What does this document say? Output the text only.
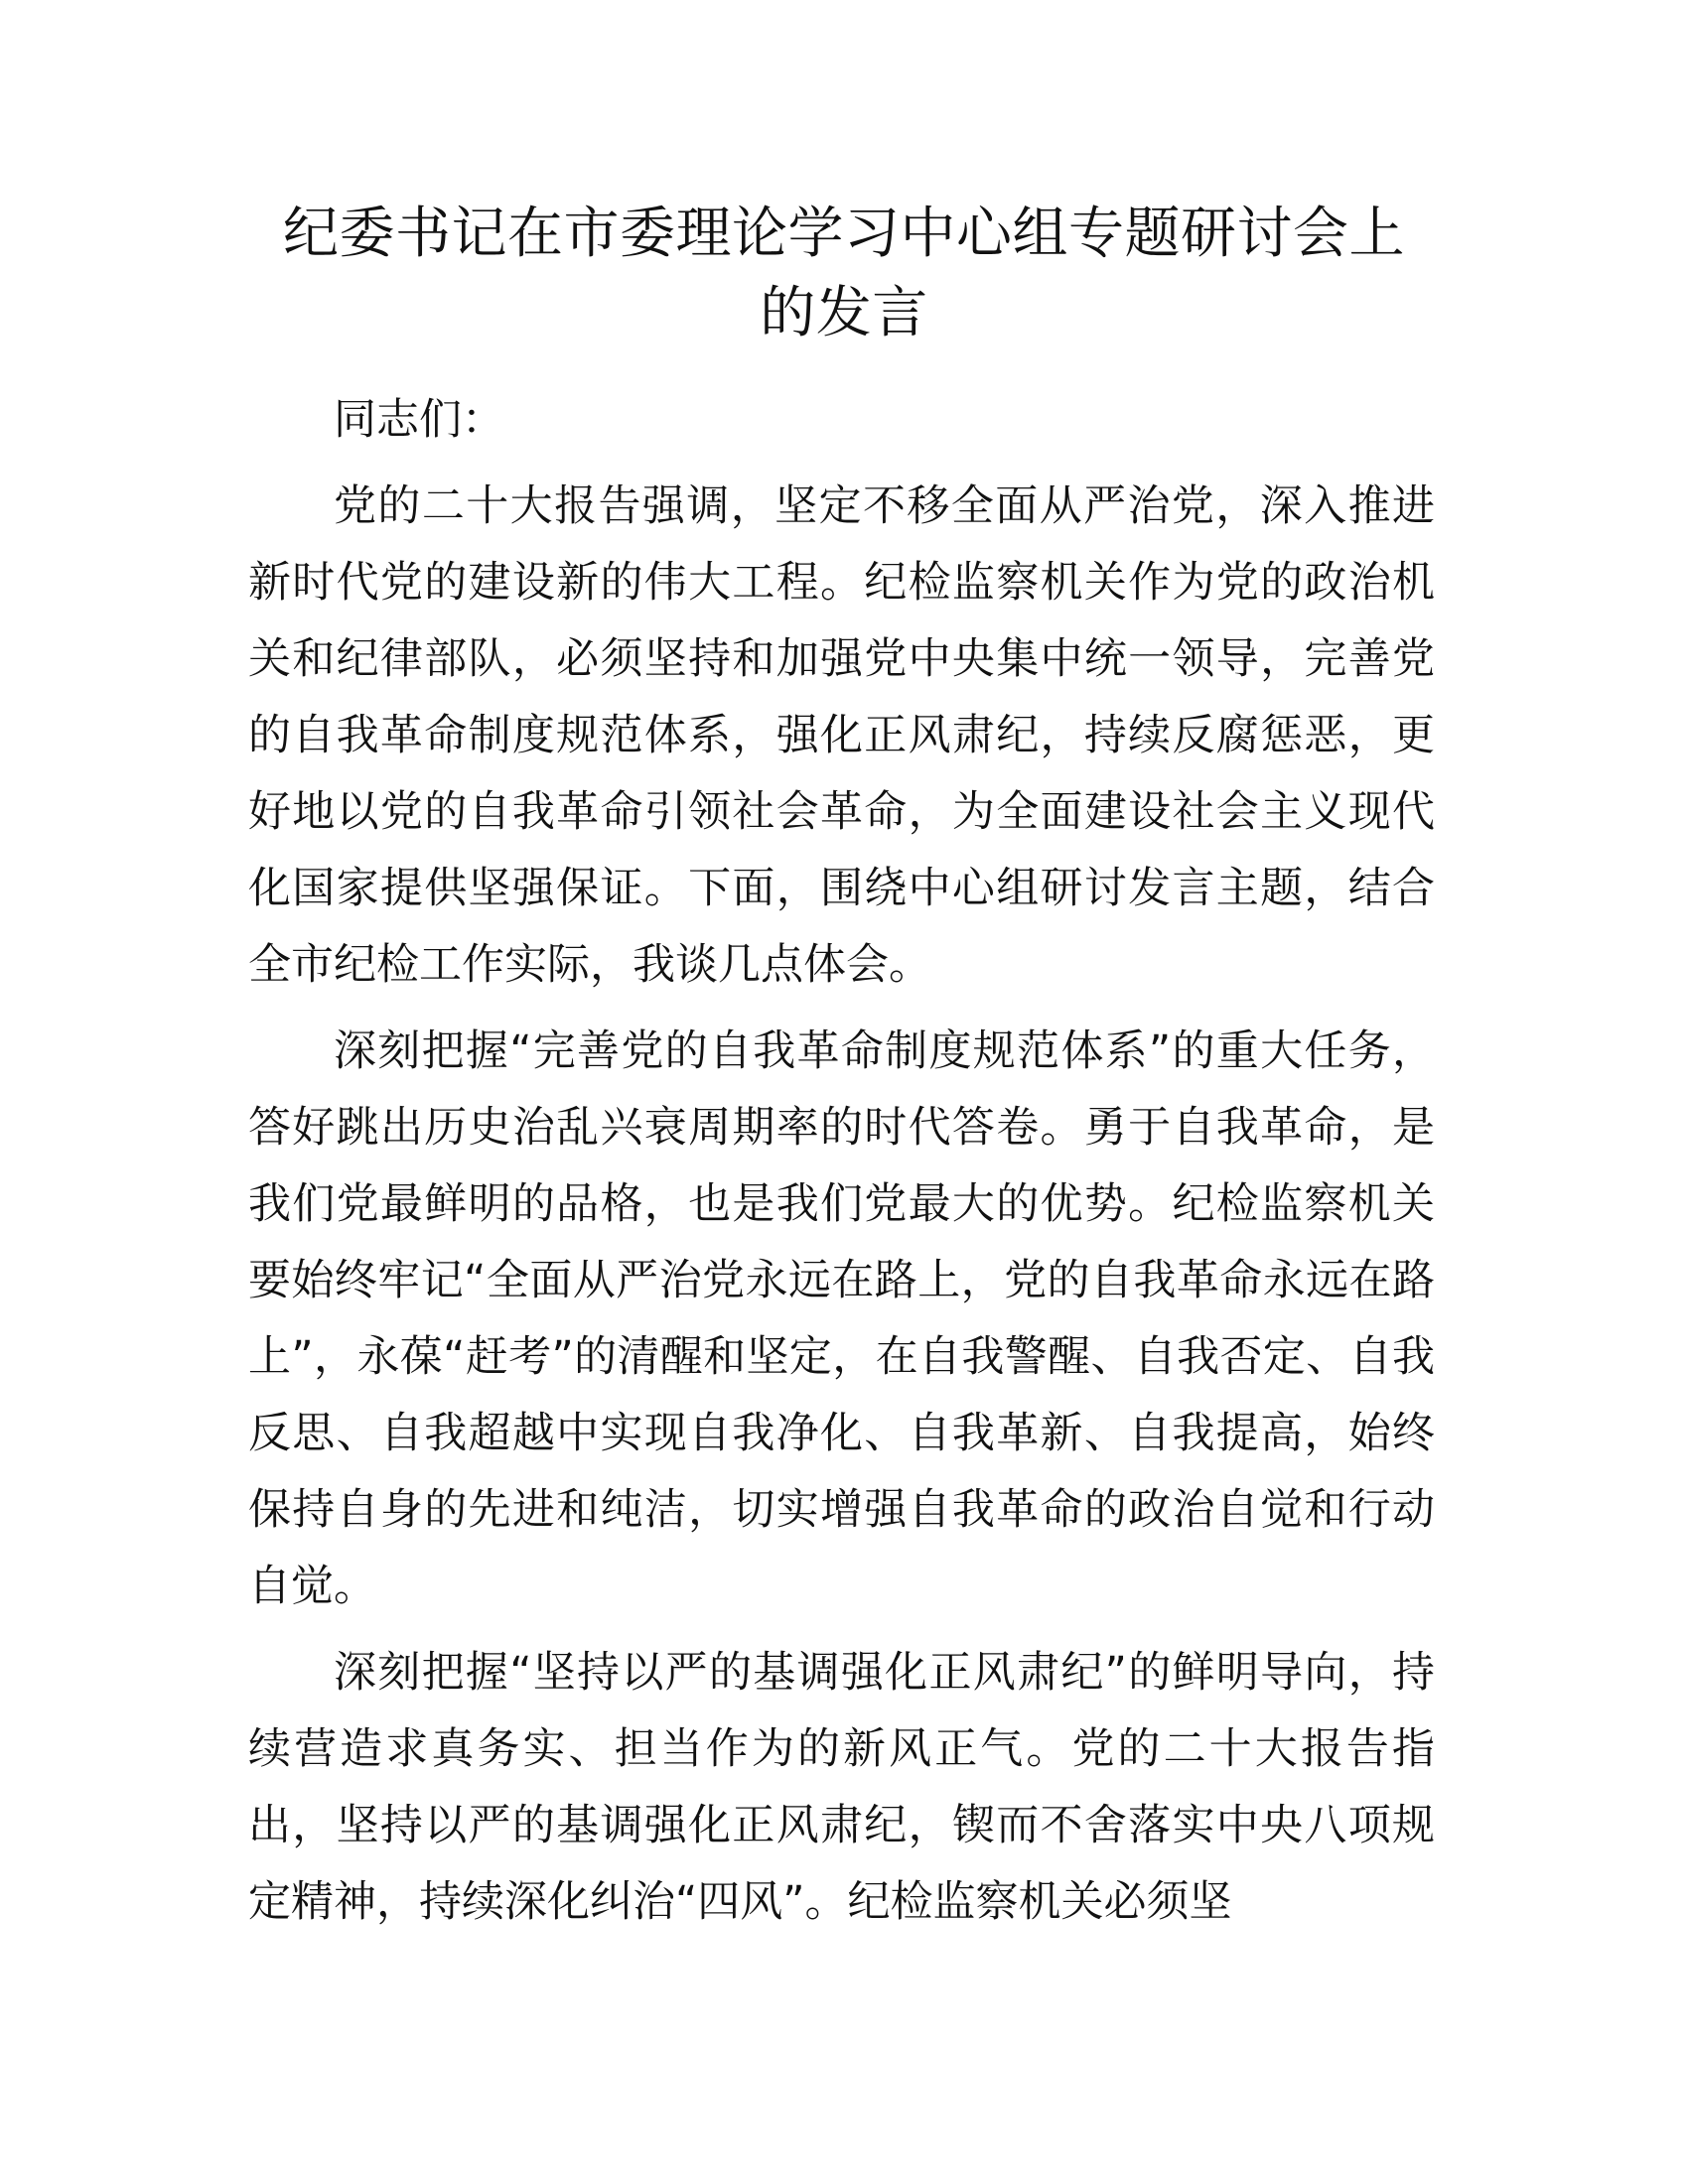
纪委书记在市委理论学习中心组专题研讨会上
的发言

同志们：

党的二十大报告强调，坚定不移全面从严治党，深入推进新时代党的建设新的伟大工程。纪检监察机关作为党的政治机关和纪律部队，必须坚持和加强党中央集中统一领导，完善党的自我革命制度规范体系，强化正风肃纪，持续反腐惩恶，更好地以党的自我革命引领社会革命，为全面建设社会主义现代化国家提供坚强保证。下面，围绕中心组研讨发言主题，结合全市纪检工作实际，我谈几点体会。

深刻把握“完善党的自我革命制度规范体系”的重大任务，答好跳出历史治乱兴衰周期率的时代答卷。勇于自我革命，是我们党最鲜明的品格，也是我们党最大的优势。纪检监察机关要始终牢记“全面从严治党永远在路上，党的自我革命永远在路上”，永葆“赶考”的清醒和坚定，在自我警醒、自我否定、自我反思、自我超越中实现自我净化、自我革新、自我提高，始终保持自身的先进和纯洁，切实增强自我革命的政治自觉和行动自觉。

深刻把握“坚持以严的基调强化正风肃纪”的鲜明导向，持续营造求真务实、担当作为的新风正气。党的二十大报告指出，坚持以严的基调强化正风肃纪，锲而不舍落实中央八项规定精神，持续深化纠治“四风”。纪检监察机关必须坚
